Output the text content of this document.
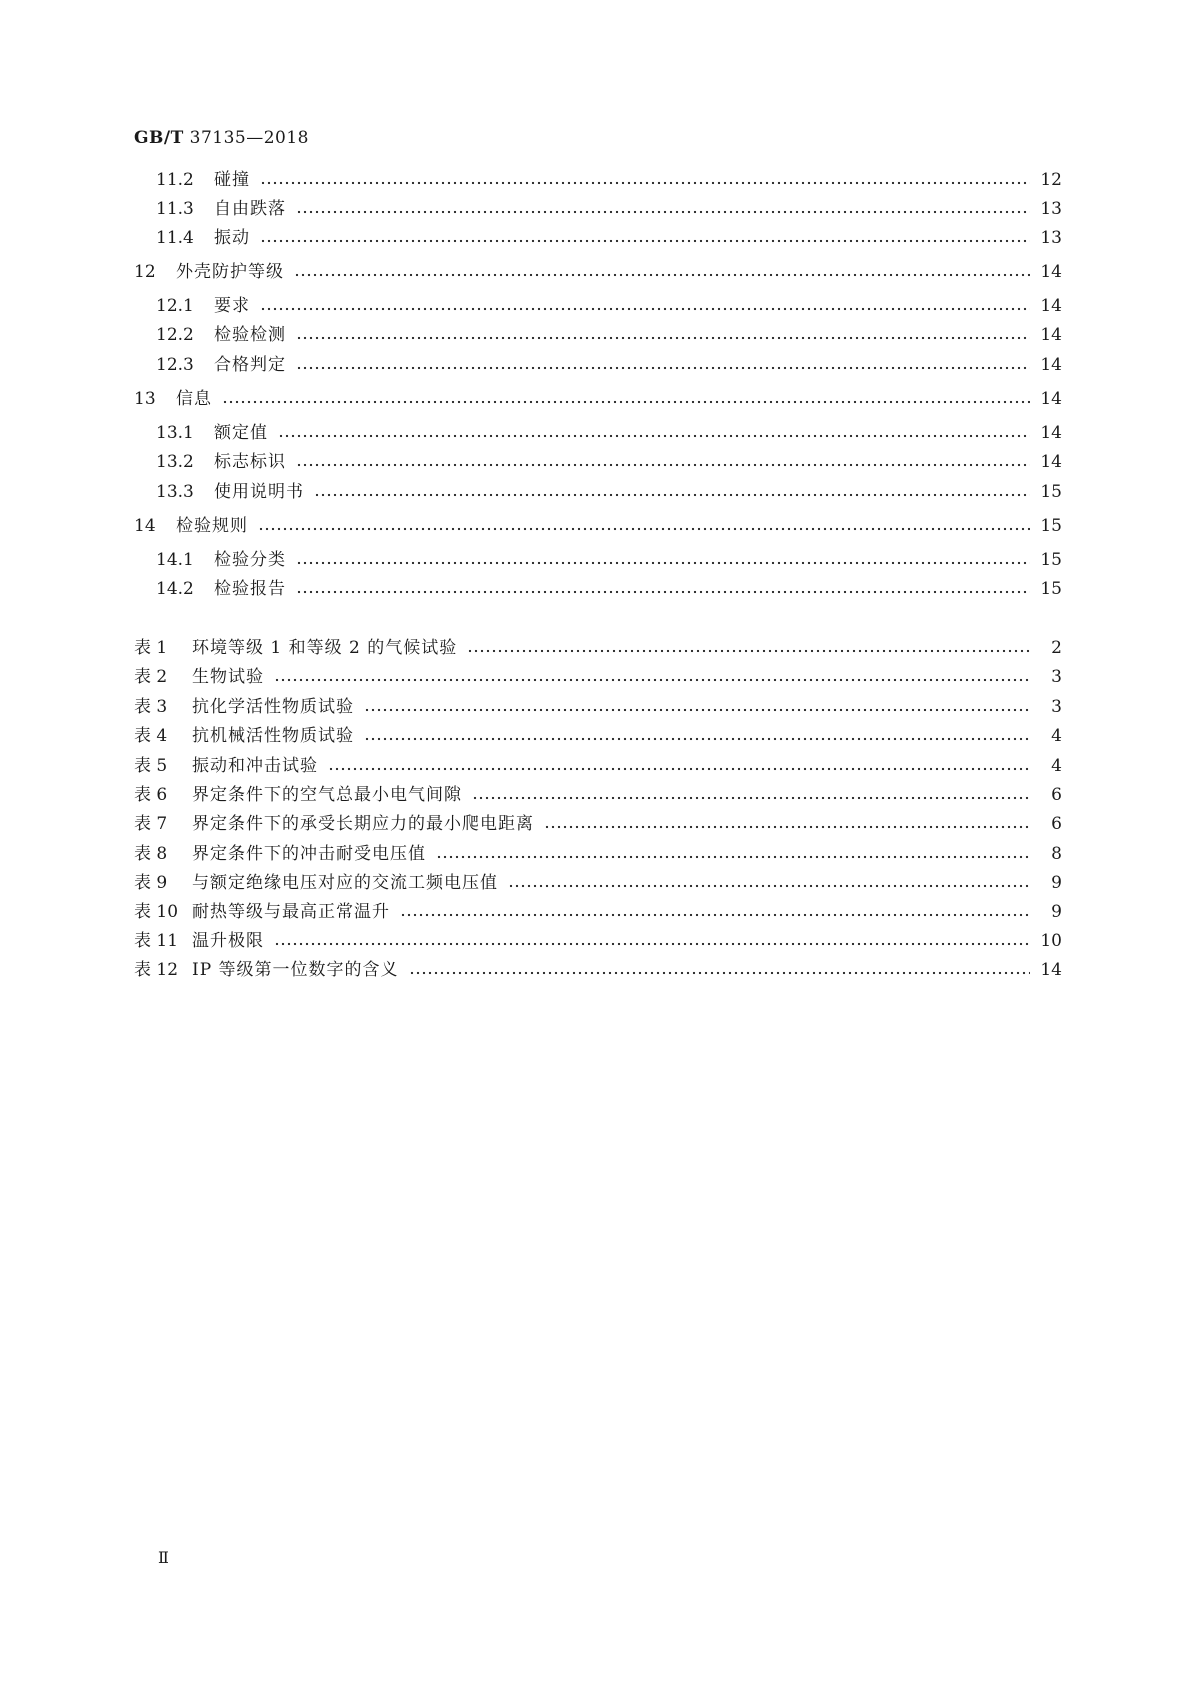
GB/T 37135—2018
11.2	碰撞	12
11.3	自由跌落	13
11.4	振动	13
12	外壳防护等级	14
12.1	要求	14
12.2	检验检测	14
12.3	合格判定	14
13	信息	14
13.1	额定值	14
13.2	标志标识	14
13.3	使用说明书	15
14	检验规则	15
14.1	检验分类	15
14.2	检验报告	15
表 1	环境等级 1 和等级 2 的气候试验	2
表 2	生物试验	3
表 3	抗化学活性物质试验	3
表 4	抗机械活性物质试验	4
表 5	振动和冲击试验	4
表 6	界定条件下的空气总最小电气间隙	6
表 7	界定条件下的承受长期应力的最小爬电距离	6
表 8	界定条件下的冲击耐受电压值	8
表 9	与额定绝缘电压对应的交流工频电压值	9
表 10 耐热等级与最高正常温升	9
表 11 温升极限	10
表 12 IP 等级第一位数字的含义	14
Ⅱ
